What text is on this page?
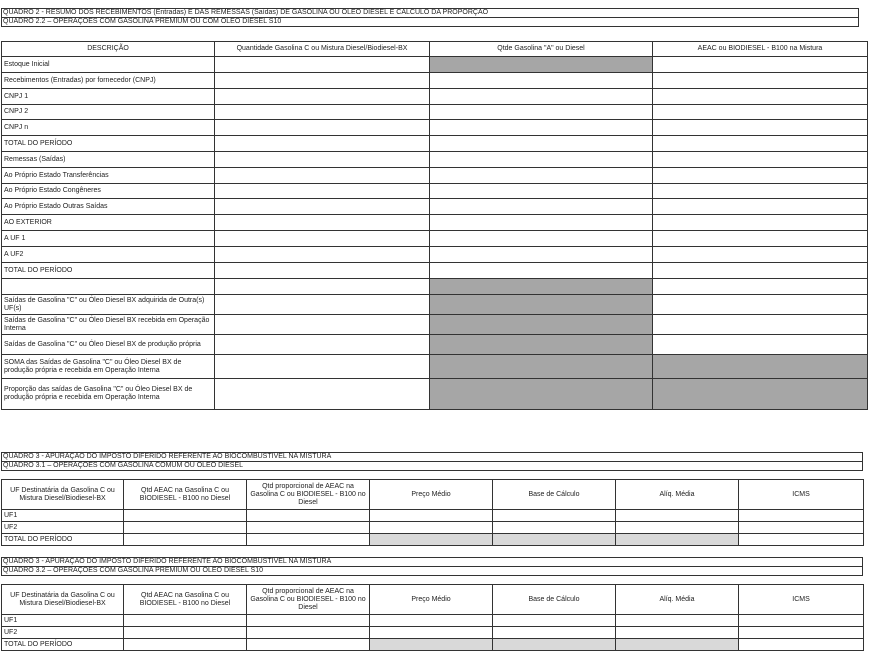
QUADRO 2 - RESUMO DOS RECEBIMENTOS (Entradas) E DAS REMESSAS (Saídas) DE GASOLINA OU ÓLEO DIESEL E CÁLCULO DA PROPORÇÃO
QUADRO 2.2 – OPERAÇÕES COM GASOLINA PREMIUM OU COM ÓLEO DIESEL S10
DESCRIÇÃO	Quantidade Gasolina C ou Mistura Diesel/Biodiesel-BX	Qtde Gasolina "A" ou Diesel	AEAC ou BIODIESEL - B100 na Mistura
Estoque Inicial			
Recebimentos (Entradas) por fornecedor (CNPJ)			
CNPJ 1			
CNPJ 2			
CNPJ n			
TOTAL DO PERÍODO			
Remessas (Saídas)			
Ao Próprio Estado Transferências			
Ao Próprio Estado Congêneres			
Ao Próprio Estado Outras Saídas			
AO EXTERIOR			
A UF 1			
A UF2			
TOTAL DO PERÍODO			

Saídas de Gasolina "C" ou Óleo Diesel BX adquirida de Outra(s) UF(s)			
Saídas de Gasolina "C" ou Óleo Diesel BX recebida em Operação Interna			
Saídas de Gasolina "C" ou Óleo Diesel BX de produção própria			
SOMA das Saídas de Gasolina "C" ou Óleo Diesel BX de produção própria e recebida em Operação Interna			
Proporção das saídas de Gasolina "C" ou Óleo Diesel BX de produção própria e recebida em Operação Interna			
QUADRO 3 - APURAÇÃO DO IMPOSTO DIFERIDO REFERENTE AO BIOCOMBUSTÍVEL NA MISTURA
QUADRO 3.1 – OPERAÇÕES COM GASOLINA COMUM OU ÓLEO DIESEL
UF Destinatária da Gasolina C ou Mistura Diesel/Biodiesel-BX	Qtd AEAC na Gasolina C ou BIODIESEL - B100 no Diesel	Qtd proporcional de AEAC na Gasolina C ou BIODIESEL - B100 no Diesel	Preço Médio	Base de Cálculo	Alíq. Média	ICMS
UF1						
UF2						
TOTAL DO PERÍODO						
QUADRO 3 - APURAÇÃO DO IMPOSTO DIFERIDO REFERENTE AO BIOCOMBUSTÍVEL NA MISTURA
QUADRO 3.2 – OPERAÇÕES COM GASOLINA PREMIUM OU ÓLEO DIESEL S10
UF Destinatária da Gasolina C ou Mistura Diesel/Biodiesel-BX	Qtd AEAC na Gasolina C ou BIODIESEL - B100 no Diesel	Qtd proporcional de AEAC na Gasolina C ou BIODIESEL - B100 no Diesel	Preço Médio	Base de Cálculo	Alíq. Média	ICMS
UF1						
UF2						
TOTAL DO PERÍODO						
